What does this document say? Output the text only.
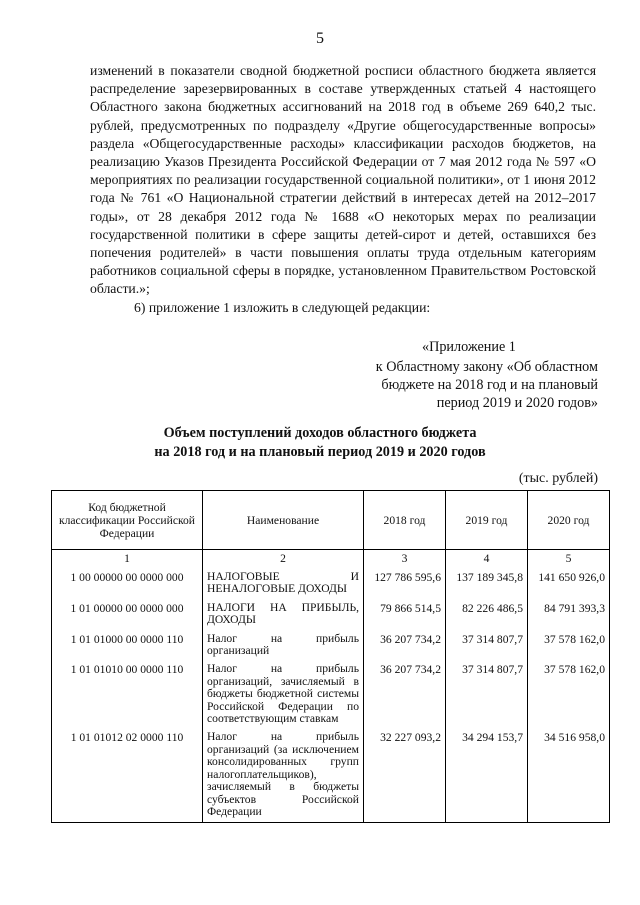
5

изменений в показатели сводной бюджетной росписи областного бюджета является распределение зарезервированных в составе утвержденных статьей 4 настоящего Областного закона бюджетных ассигнований на 2018 год в объеме 269 640,2 тыс. рублей, предусмотренных по подразделу «Другие общегосударственные вопросы» раздела «Общегосударственные расходы» классификации расходов бюджетов, на реализацию Указов Президента Российской Федерации от 7 мая 2012 года № 597 «О мероприятиях по реализации государственной социальной политики», от 1 июня 2012 года № 761 «О Национальной стратегии действий в интересах детей на 2012–2017 годы», от 28 декабря 2012 года № 1688 «О некоторых мерах по реализации государственной политики в сфере защиты детей-сирот и детей, оставшихся без попечения родителей» в части повышения оплаты труда отдельным категориям работников социальной сферы в порядке, установленном Правительством Ростовской области.»;

6) приложение 1 изложить в следующей редакции:

«Приложение 1
к Областному закону «Об областном
бюджете на 2018 год и на плановый
период 2019 и 2020 годов»
Объем поступлений доходов областного бюджета
на 2018 год и на плановый период 2019 и 2020 годов
(тыс. рублей)
Код бюджетной классификации Российской Федерации	Наименование	2018 год	2019 год	2020 год
1	2	3	4	5
1 00 00000 00 0000 000	НАЛОГОВЫЕ И НЕНАЛОГОВЫЕ ДОХОДЫ	127 786 595,6	137 189 345,8	141 650 926,0
1 01 00000 00 0000 000	НАЛОГИ НА ПРИБЫЛЬ, ДОХОДЫ	79 866 514,5	82 226 486,5	84 791 393,3
1 01 01000 00 0000 110	Налог на прибыль организаций	36 207 734,2	37 314 807,7	37 578 162,0
1 01 01010 00 0000 110	Налог на прибыль организаций, зачисляемый в бюджеты бюджетной системы Российской Федерации по соответствующим ставкам	36 207 734,2	37 314 807,7	37 578 162,0
1 01 01012 02 0000 110	Налог на прибыль организаций (за исключением консолидированных групп налогоплательщиков), зачисляемый в бюджеты субъектов Российской Федерации	32 227 093,2	34 294 153,7	34 516 958,0
